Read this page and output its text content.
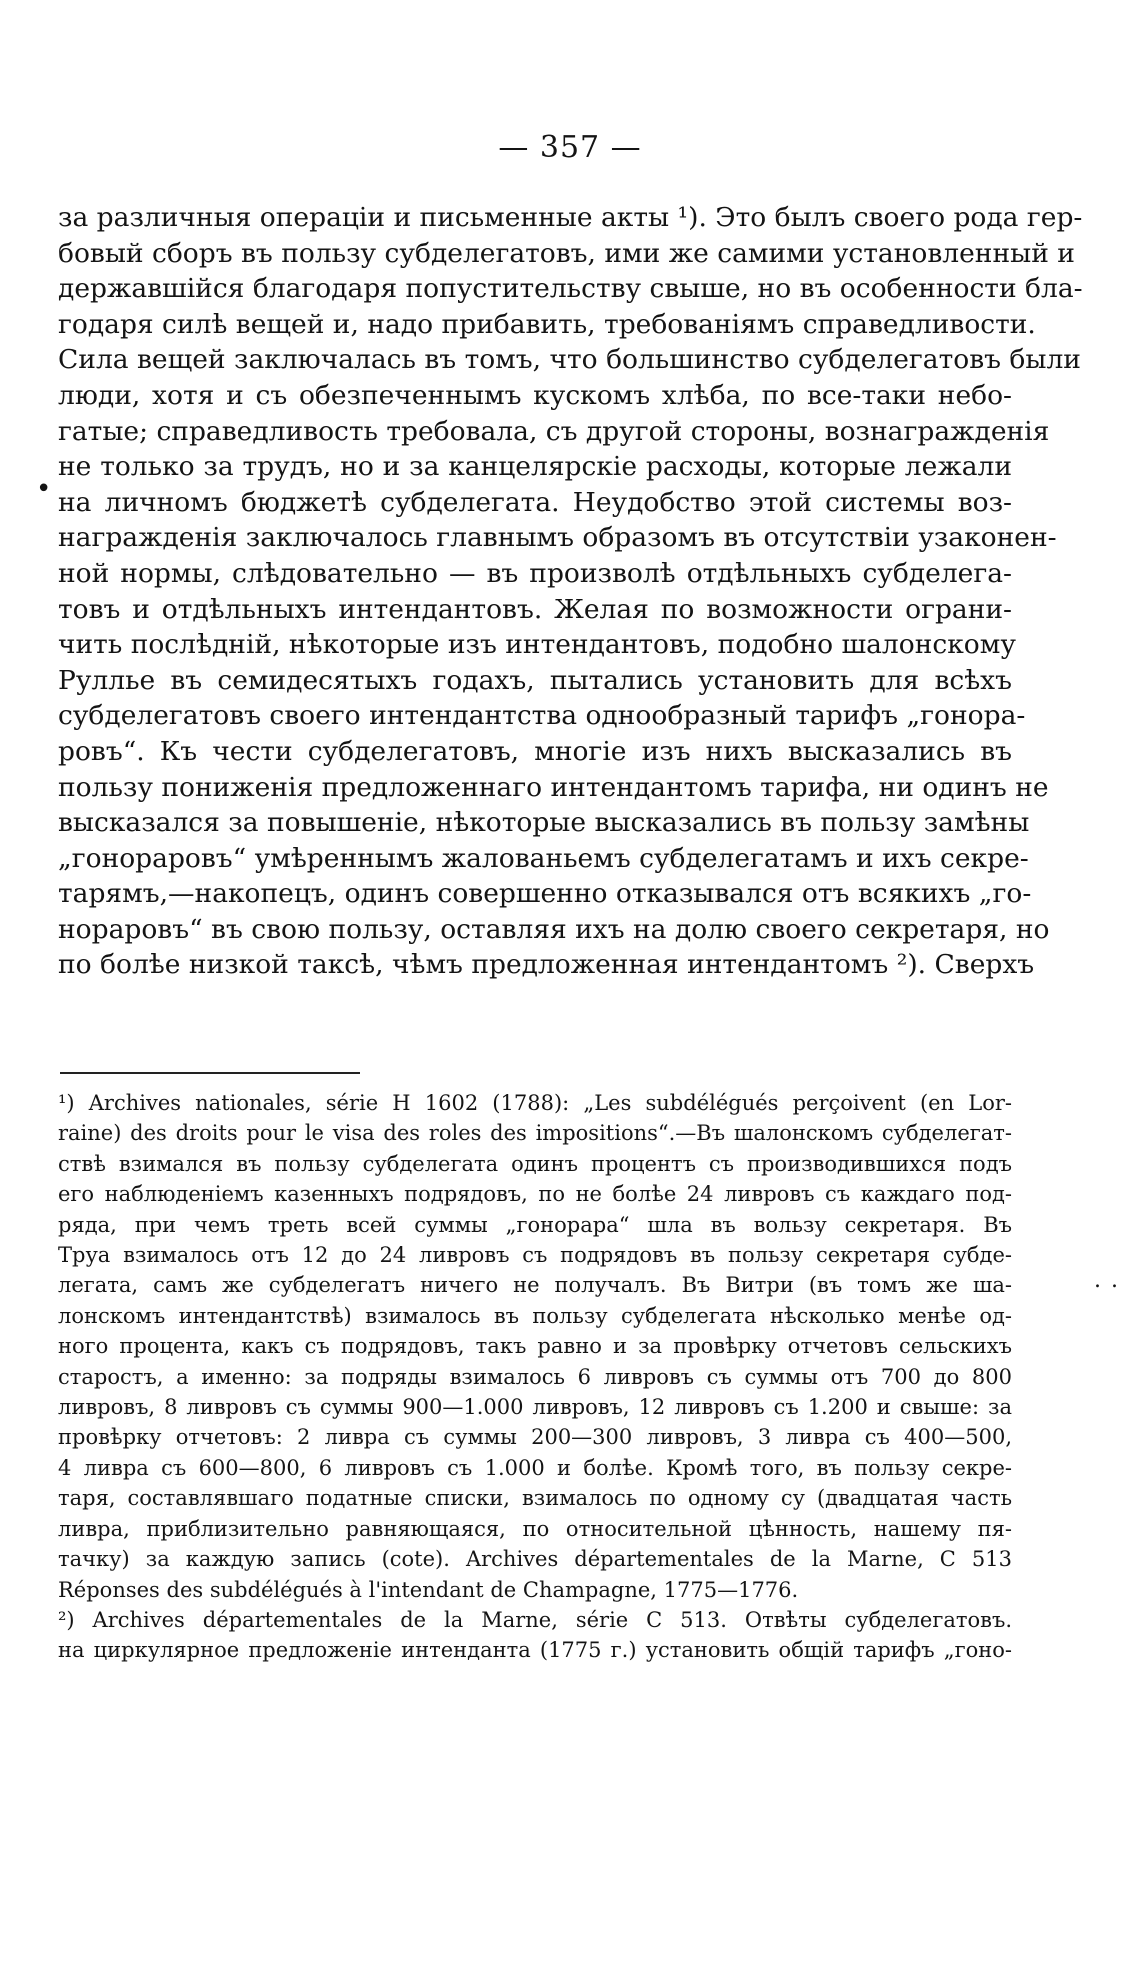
— 357 —
•
за различныя операціи и письменные акты ¹). Это былъ своего рода гер-
бовый сборъ въ пользу субделегатовъ, ими же самими установленный и
державшійся благодаря попустительству свыше, но въ особенности бла-
годаря силѣ вещей и, надо прибавить, требованіямъ справедливости.
Сила вещей заключалась въ томъ, что большинство субделегатовъ были
люди, хотя и съ обезпеченнымъ кускомъ хлѣба, по все-таки небо-
гатые; справедливость требовала, съ другой стороны, вознагражденія
не только за трудъ, но и за канцелярскіе расходы, которые лежали
на личномъ бюджетѣ субделегата. Неудобство этой системы воз-
награжденія заключалось главнымъ образомъ въ отсутствіи узаконен-
ной нормы, слѣдовательно — въ произволѣ отдѣльныхъ субделега-
товъ и отдѣльныхъ интендантовъ. Желая по возможности ограни-
чить послѣдній, нѣкоторые изъ интендантовъ, подобно шалонскому
Руллье въ семидесятыхъ годахъ, пытались установить для всѣхъ
субделегатовъ своего интендантства однообразный тарифъ „гонора-
ровъ“. Къ чести субделегатовъ, многіе изъ нихъ высказались въ
пользу пониженія предложеннаго интендантомъ тарифа, ни одинъ не
высказался за повышеніе, нѣкоторые высказались въ пользу замѣны
„гонораровъ“ умѣреннымъ жалованьемъ субделегатамъ и ихъ секре-
тарямъ,—накопецъ, одинъ совершенно отказывался отъ всякихъ „го-
нораровъ“ въ свою пользу, оставляя ихъ на долю своего секретаря, но
по болѣе низкой таксѣ, чѣмъ предложенная интендантомъ ²). Сверхъ
..
¹) Archives nationales, série H 1602 (1788): „Les subdélégués perçoivent (en Lor-
raine) des droits pour le visa des roles des impositions“.—Въ шалонскомъ субделегат-
ствѣ взимался въ пользу субделегата одинъ процентъ съ производившихся подъ
его наблюденіемъ казенныхъ подрядовъ, по не болѣе 24 ливровъ съ каждаго под-
ряда, при чемъ треть всей суммы „гонорара“ шла въ вользу секретаря. Въ
Труа взималось отъ 12 до 24 ливровъ съ подрядовъ въ пользу секретаря субде-
легата, самъ же субделегатъ ничего не получалъ. Въ Витри (въ томъ же ша-
лонскомъ интендантствѣ) взималось въ пользу субделегата нѣсколько менѣе од-
ного процента, какъ съ подрядовъ, такъ равно и за провѣрку отчетовъ сельскихъ
старостъ, а именно: за подряды взималось 6 ливровъ съ суммы отъ 700 до 800
ливровъ, 8 ливровъ съ суммы 900—1.000 ливровъ, 12 ливровъ съ 1.200 и свыше: за
провѣрку отчетовъ: 2 ливра съ суммы 200—300 ливровъ, 3 ливра съ 400—500,
4 ливра съ 600—800, 6 ливровъ съ 1.000 и болѣе. Кромѣ того, въ пользу секре-
таря, составлявшаго податные списки, взималось по одному су (двадцатая часть
ливра, приблизительно равняющаяся, по относительной цѣнность, нашему пя-
тачку) за каждую запись (cote). Archives départementales de la Marne, C 513
Réponses des subdélégués à l'intendant de Champagne, 1775—1776.
²) Archives départementales de la Marne, série C 513. Отвѣты субделегатовъ.
на циркулярное предложеніе интенданта (1775 г.) установить общій тарифъ „гоно-
